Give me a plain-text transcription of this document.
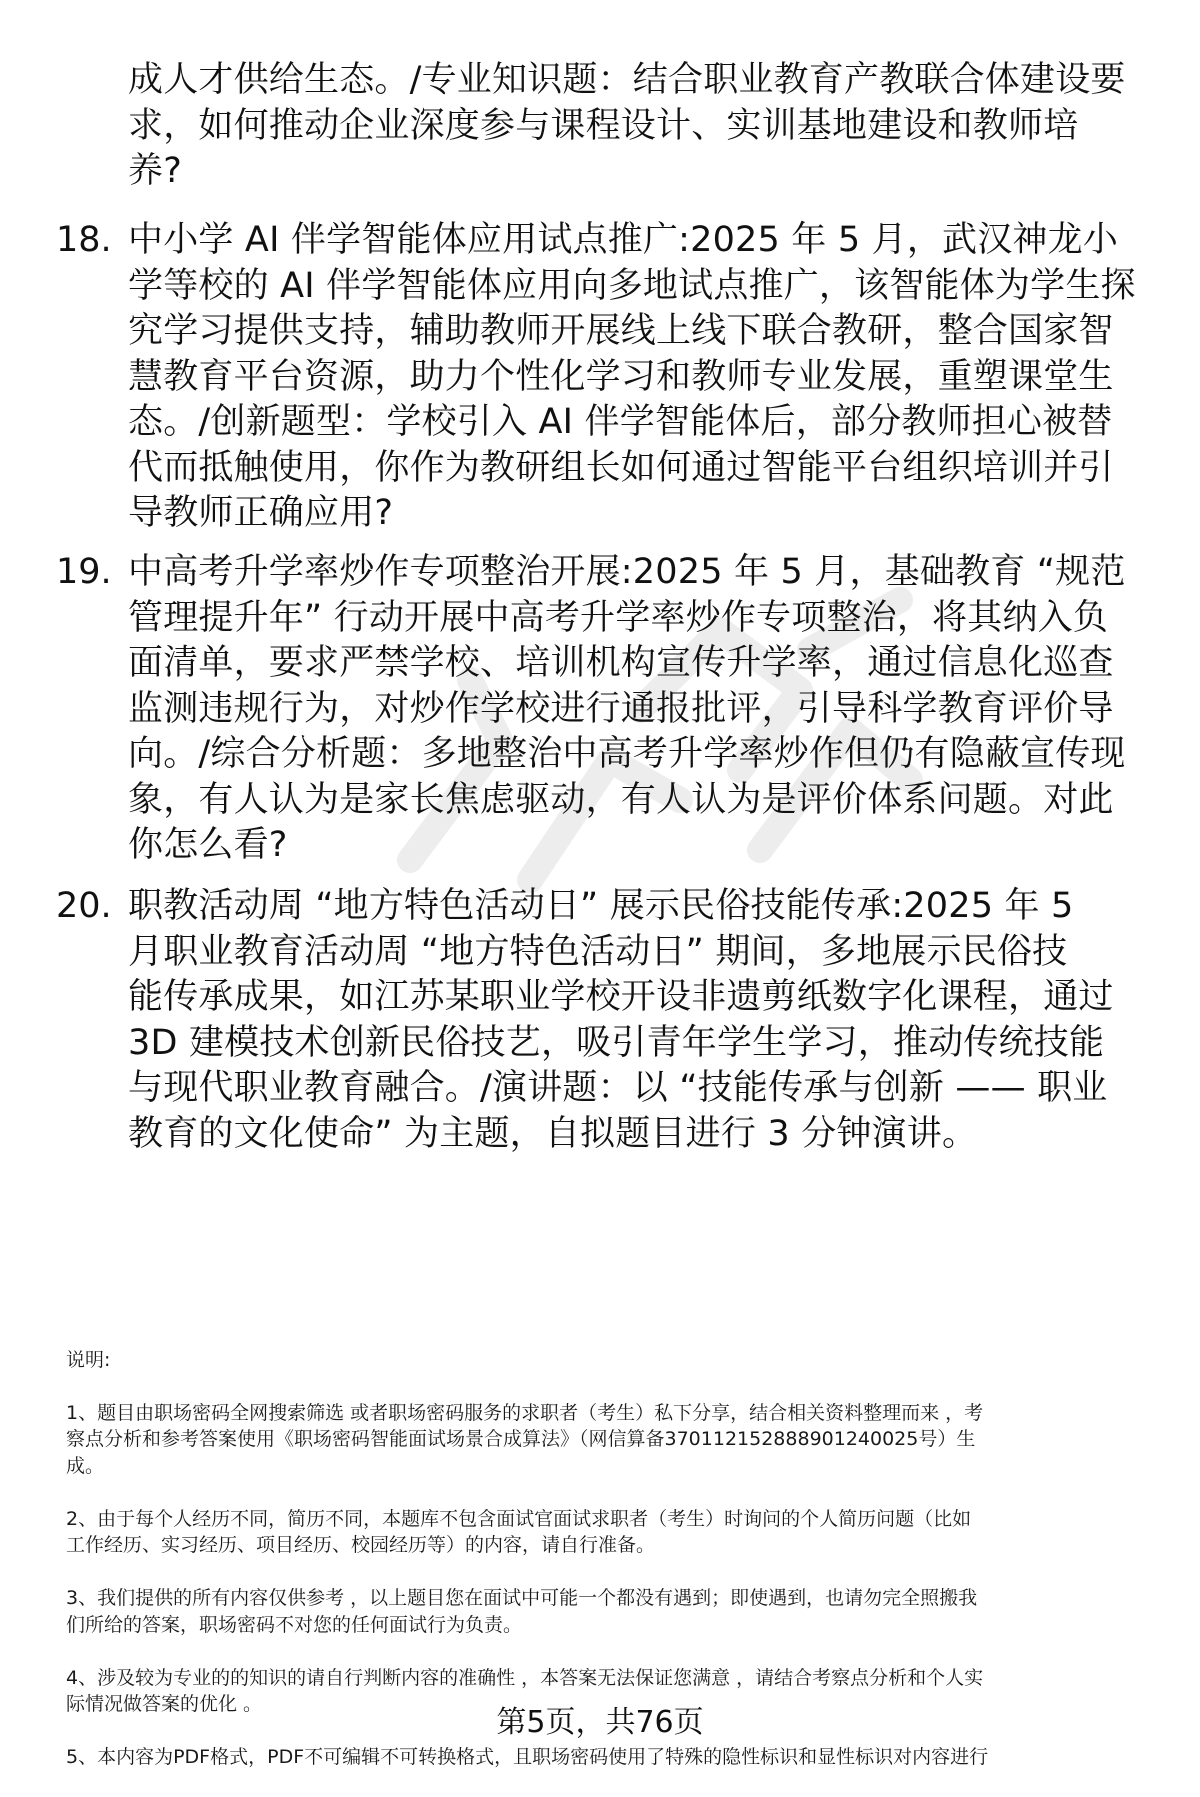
成人才供给生态。/专业知识题：结合职业教育产教联合体建设要
求，如何推动企业深度参与课程设计、实训基地建设和教师培
养?
18. 中小学 AI 伴学智能体应用试点推广:2025 年 5 月，武汉神龙小
学等校的 AI 伴学智能体应用向多地试点推广，该智能体为学生探
究学习提供支持，辅助教师开展线上线下联合教研，整合国家智
慧教育平台资源，助力个性化学习和教师专业发展，重塑课堂生
态。/创新题型：学校引入 AI 伴学智能体后，部分教师担心被替
代而抵触使用，你作为教研组长如何通过智能平台组织培训并引
导教师正确应用?
19. 中高考升学率炒作专项整治开展:2025 年 5 月，基础教育 “规范
管理提升年” 行动开展中高考升学率炒作专项整治，将其纳入负
面清单，要求严禁学校、培训机构宣传升学率，通过信息化巡查
监测违规行为，对炒作学校进行通报批评，引导科学教育评价导
向。/综合分析题：多地整治中高考升学率炒作但仍有隐蔽宣传现
象，有人认为是家长焦虑驱动，有人认为是评价体系问题。对此
你怎么看?
20. 职教活动周 “地方特色活动日” 展示民俗技能传承:2025 年 5
月职业教育活动周 “地方特色活动日” 期间，多地展示民俗技
能传承成果，如江苏某职业学校开设非遗剪纸数字化课程，通过
3D 建模技术创新民俗技艺，吸引青年学生学习，推动传统技能
与现代职业教育融合。/演讲题：以 “技能传承与创新 —— 职业
教育的文化使命” 为主题，自拟题目进行 3 分钟演讲。

说明:

1、题目由职场密码全网搜索筛选 或者职场密码服务的求职者（考生）私下分享，结合相关资料整理而来 ，考
察点分析和参考答案使用《职场密码智能面试场景合成算法》（网信算备370112152888901240025号）生
成。

2、由于每个人经历不同，简历不同，本题库不包含面试官面试求职者（考生）时询问的个人简历问题（比如
工作经历、实习经历、项目经历、校园经历等）的内容，请自行准备。

3、我们提供的所有内容仅供参考 ，以上题目您在面试中可能一个都没有遇到；即使遇到，也请勿完全照搬我
们所给的答案，职场密码不对您的任何面试行为负责。

4、涉及较为专业的的知识的请自行判断内容的准确性 ，本答案无法保证您满意 ，请结合考察点分析和个人实
际情况做答案的优化 。

5、本内容为PDF格式，PDF不可编辑不可转换格式，且职场密码使用了特殊的隐性标识和显性标识对内容进行

第5页，共76页
